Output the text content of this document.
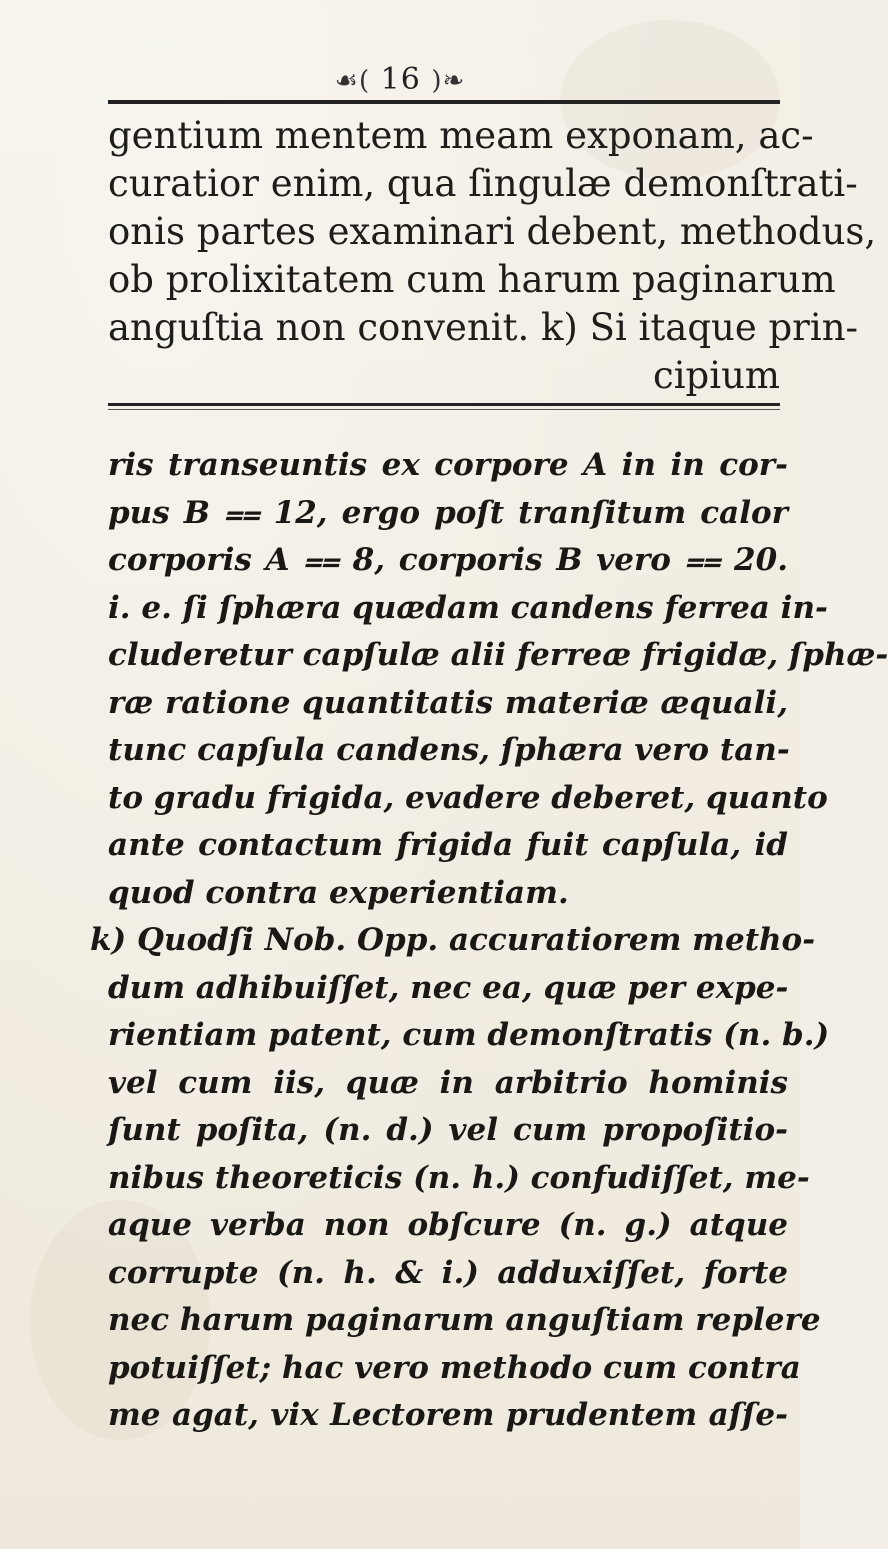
☙( 16 )❧
gentium mentem meam exponam, ac-
curatior enim, qua ſingulæ demonſtrati-
onis partes examinari debent, methodus,
ob prolixitatem cum harum paginarum
anguſtia non convenit. k) Si itaque prin-
cipium
ris transeuntis ex corpore A in in cor-
pus B ⩵ 12, ergo poſt tranſitum calor
corporis A ⩵ 8, corporis B vero ⩵ 20.
i. e. ſi ſphæra quædam candens ferrea in-
cluderetur capſulæ alii ferreæ frigidæ, ſphæ-
ræ ratione quantitatis materiæ æquali,
tunc capſula candens, ſphæra vero tan-
to gradu frigida, evadere deberet, quanto
ante contactum frigida fuit capſula, id
quod contra experientiam.
k) Quodſi Nob. Opp. accuratiorem metho-
dum adhibuiſſet, nec ea, quæ per expe-
rientiam patent, cum demonſtratis (n. b.)
vel cum iis, quæ in arbitrio hominis
ſunt poſita, (n. d.) vel cum propoſitio-
nibus theoreticis (n. h.) confudiſſet, me-
aque verba non obſcure (n. g.) atque
corrupte (n. h. & i.) adduxiſſet, forte
nec harum paginarum anguſtiam replere
potuiſſet; hac vero methodo cum contra
me agat, vix Lectorem prudentem aſſe-
